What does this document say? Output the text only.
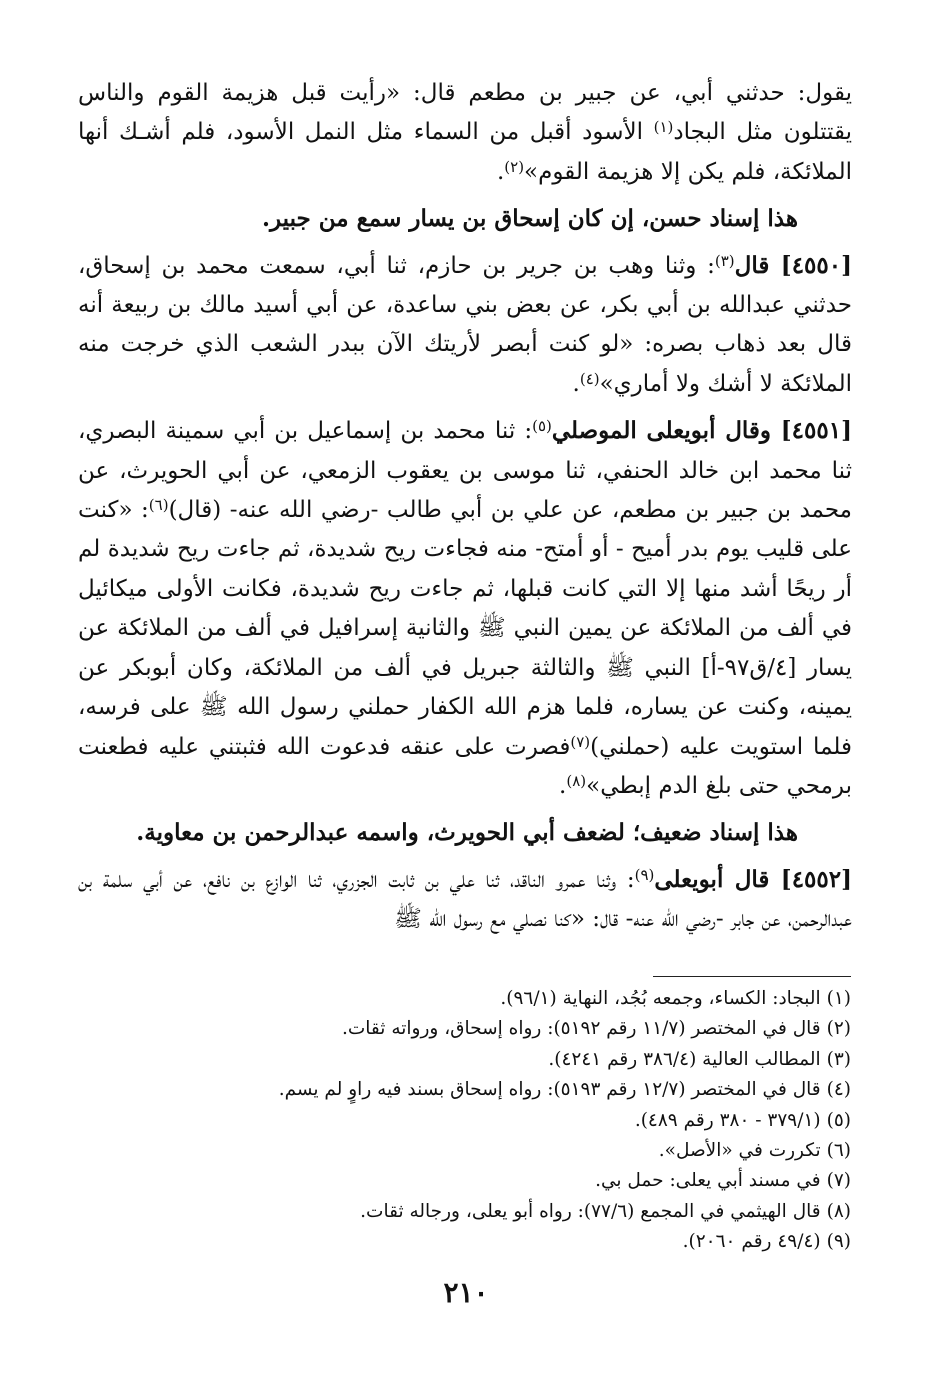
يقول: حدثني أبي، عن جبير بن مطعم قال: «رأيت قبل هزيمة القوم والناس يقتتلون مثل البجاد$^{(١)}$ الأسود أقبل من السماء مثل النمل الأسود، فلم أشـك أنها الملائكة، فلم يكن إلا هزيمة القوم»$^{(٢)}$.

هذا إسناد حسن، إن كان إسحاق بن يسار سمع من جبير.

[٤٥٥٠] قال$^{(٣)}$: وثنا وهب بن جرير بن حازم، ثنا أبي، سمعت محمد بن إسحاق، حدثني عبدالله بن أبي بكر، عن بعض بني ساعدة، عن أبي أسيد مالك بن ربيعة أنه قال بعد ذهاب بصره: «لو كنت أبصر لأريتك الآن ببدر الشعب الذي خرجت منه الملائكة لا أشك ولا أماري»$^{(٤)}$.

[٤٥٥١] وقال أبويعلى الموصلي$^{(٥)}$: ثنا محمد بن إسماعيل بن أبي سمينة البصري، ثنا محمد ابن خالد الحنفي، ثنا موسى بن يعقوب الزمعي، عن أبي الحويرث، عن محمد بن جبير بن مطعم، عن علي بن أبي طالب -رضي الله عنه- (قال)$^{(٦)}$: «كنت على قليب يوم بدر أميح - أو أمتح- منه فجاءت ريح شديدة، ثم جاءت ريح شديدة لم أر ريحًا أشد منها إلا التي كانت قبلها، ثم جاءت ريح شديدة، فكانت الأولى ميكائيل في ألف من الملائكة عن يمين النبي ﷺ والثانية إسرافيل في ألف من الملائكة عن يسار [٤/ق٩٧-أ] النبي ﷺ والثالثة جبريل في ألف من الملائكة، وكان أبوبكر عن يمينه، وكنت عن يساره، فلما هزم الله الكفار حملني رسول الله ﷺ على فرسه، فلما استويت عليه (حملني)$^{(٧)}$فصرت على عنقه فدعوت الله فثبتني عليه فطعنت برمحي حتى بلغ الدم إبطي»$^{(٨)}$.

هذا إسناد ضعيف؛ لضعف أبي الحويرث، واسمه عبدالرحمن بن معاوية.

[٤٥٥٢] قال أبويعلى$^{(٩)}$: وثنا عمرو الناقد، ثنا علي بن ثابت الجزري، ثنا الوازع بن نافع، عن أبي سلمة بن عبدالرحمن، عن جابر -رضي الله عنه- قال: «كنا نصلي مع رسول الله ﷺ

(١)البجاد: الكساء، وجمعه بُجُد، النهاية (٩٦/١).
(٢)قال في المختصر (١١/٧ رقم ٥١٩٢): رواه إسحاق، ورواته ثقات.
(٣)المطالب العالية (٣٨٦/٤ رقم ٤٢٤١).
(٤)قال في المختصر (١٢/٧ رقم ٥١٩٣): رواه إسحاق بسند فيه راوٍ لم يسم.
(٥)(٣٧٩/١ - ٣٨٠ رقم ٤٨٩).
(٦)تكررت في «الأصل».
(٧)في مسند أبي يعلى: حمل بي.
(٨)قال الهيثمي في المجمع (٧٧/٦): رواه أبو يعلى، ورجاله ثقات.
(٩)(٤٩/٤ رقم ٢٠٦٠).
٢١٠
